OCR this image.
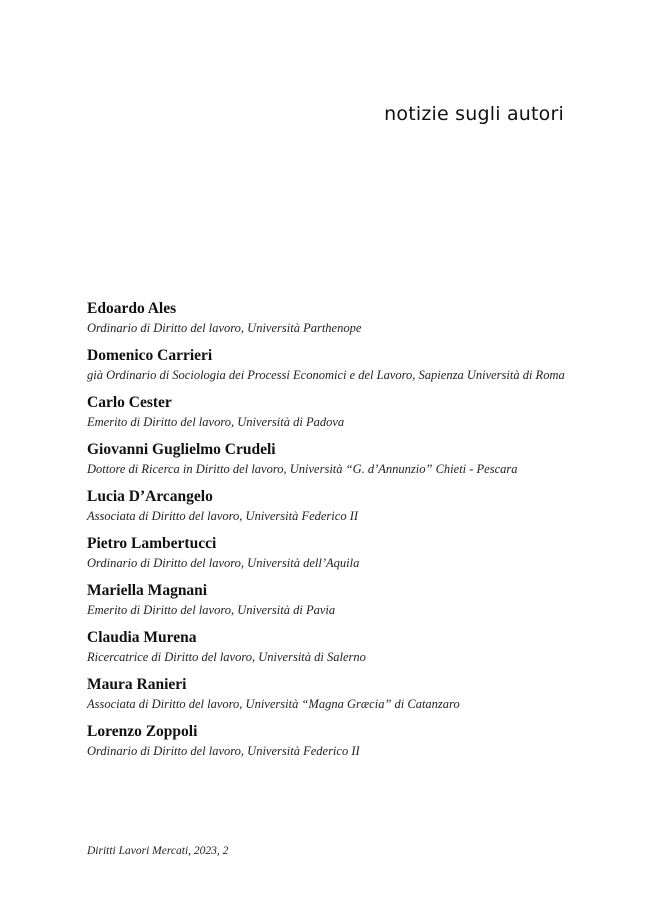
notizie sugli autori
Edoardo Ales
Ordinario di Diritto del lavoro, Università Parthenope
Domenico Carrieri
già Ordinario di Sociologia dei Processi Economici e del Lavoro, Sapienza Università di Roma
Carlo Cester
Emerito di Diritto del lavoro, Università di Padova
Giovanni Guglielmo Crudeli
Dottore di Ricerca in Diritto del lavoro, Università “G. d’Annunzio” Chieti - Pescara
Lucia D’Arcangelo
Associata di Diritto del lavoro, Università Federico II
Pietro Lambertucci
Ordinario di Diritto del lavoro, Università dell’Aquila
Mariella Magnani
Emerito di Diritto del lavoro, Università di Pavia
Claudia Murena
Ricercatrice di Diritto del lavoro, Università di Salerno
Maura Ranieri
Associata di Diritto del lavoro, Università “Magna Græcia” di Catanzaro
Lorenzo Zoppoli
Ordinario di Diritto del lavoro, Università Federico II
Diritti Lavori Mercati, 2023, 2
